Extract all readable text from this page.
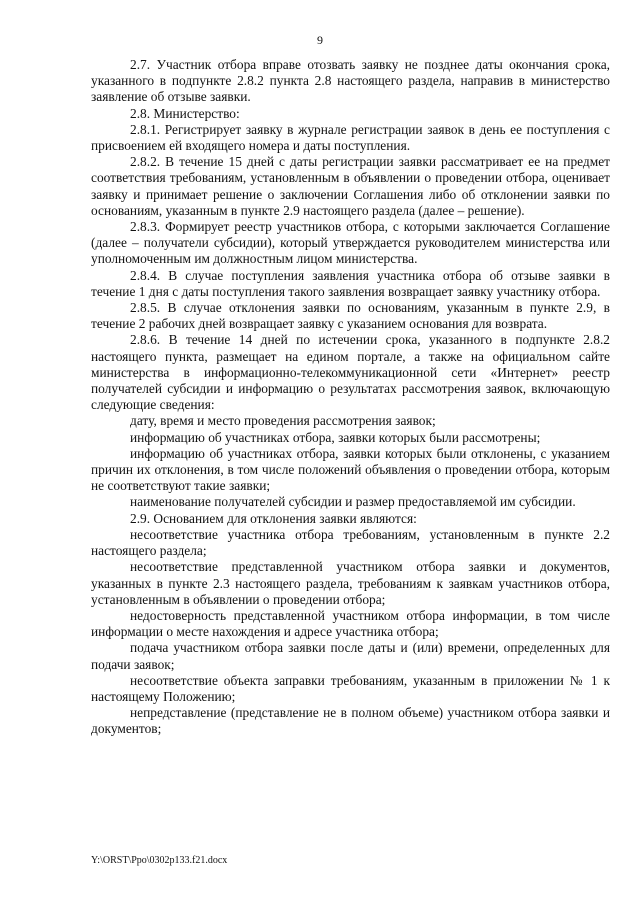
9

2.7. Участник отбора вправе отозвать заявку не позднее даты окончания срока, указанного в подпункте 2.8.2 пункта 2.8 настоящего раздела, направив в министерство заявление об отзыве заявки.

2.8. Министерство:

2.8.1. Регистрирует заявку в журнале регистрации заявок в день ее поступления с присвоением ей входящего номера и даты поступления.

2.8.2. В течение 15 дней с даты регистрации заявки рассматривает ее на предмет соответствия требованиям, установленным в объявлении о проведении отбора, оценивает заявку и принимает решение о заключении Соглашения либо об отклонении заявки по основаниям, указанным в пункте 2.9 настоящего раздела (далее – решение).

2.8.3. Формирует реестр участников отбора, с которыми заключается Соглашение (далее – получатели субсидии), который утверждается руководителем министерства или уполномоченным им должностным лицом министерства.

2.8.4. В случае поступления заявления участника отбора об отзыве заявки в течение 1 дня с даты поступления такого заявления возвращает заявку участнику отбора.

2.8.5. В случае отклонения заявки по основаниям, указанным в пункте 2.9, в течение 2 рабочих дней возвращает заявку с указанием основания для возврата.

2.8.6. В течение 14 дней по истечении срока, указанного в подпункте 2.8.2 настоящего пункта, размещает на едином портале, а также на официальном сайте министерства в информационно-телекоммуникационной сети «Интернет» реестр получателей субсидии и информацию о результатах рассмотрения заявок, включающую следующие сведения:

дату, время и место проведения рассмотрения заявок;

информацию об участниках отбора, заявки которых были рассмотрены;

информацию об участниках отбора, заявки которых были отклонены, с указанием причин их отклонения, в том числе положений объявления о проведении отбора, которым не соответствуют такие заявки;

наименование получателей субсидии и размер предоставляемой им субсидии.

2.9. Основанием для отклонения заявки являются:

несоответствие участника отбора требованиям, установленным в пункте 2.2 настоящего раздела;

несоответствие представленной участником отбора заявки и документов, указанных в пункте 2.3 настоящего раздела, требованиям к заявкам участников отбора, установленным в объявлении о проведении отбора;

недостоверность представленной участником отбора информации, в том числе информации о месте нахождения и адресе участника отбора;

подача участником отбора заявки после даты и (или) времени, определенных для подачи заявок;

несоответствие объекта заправки требованиям, указанным в приложении № 1 к настоящему Положению;

непредставление (представление не в полном объеме) участником отбора заявки и документов;

Y:\ORST\Ppo\0302p133.f21.docx
